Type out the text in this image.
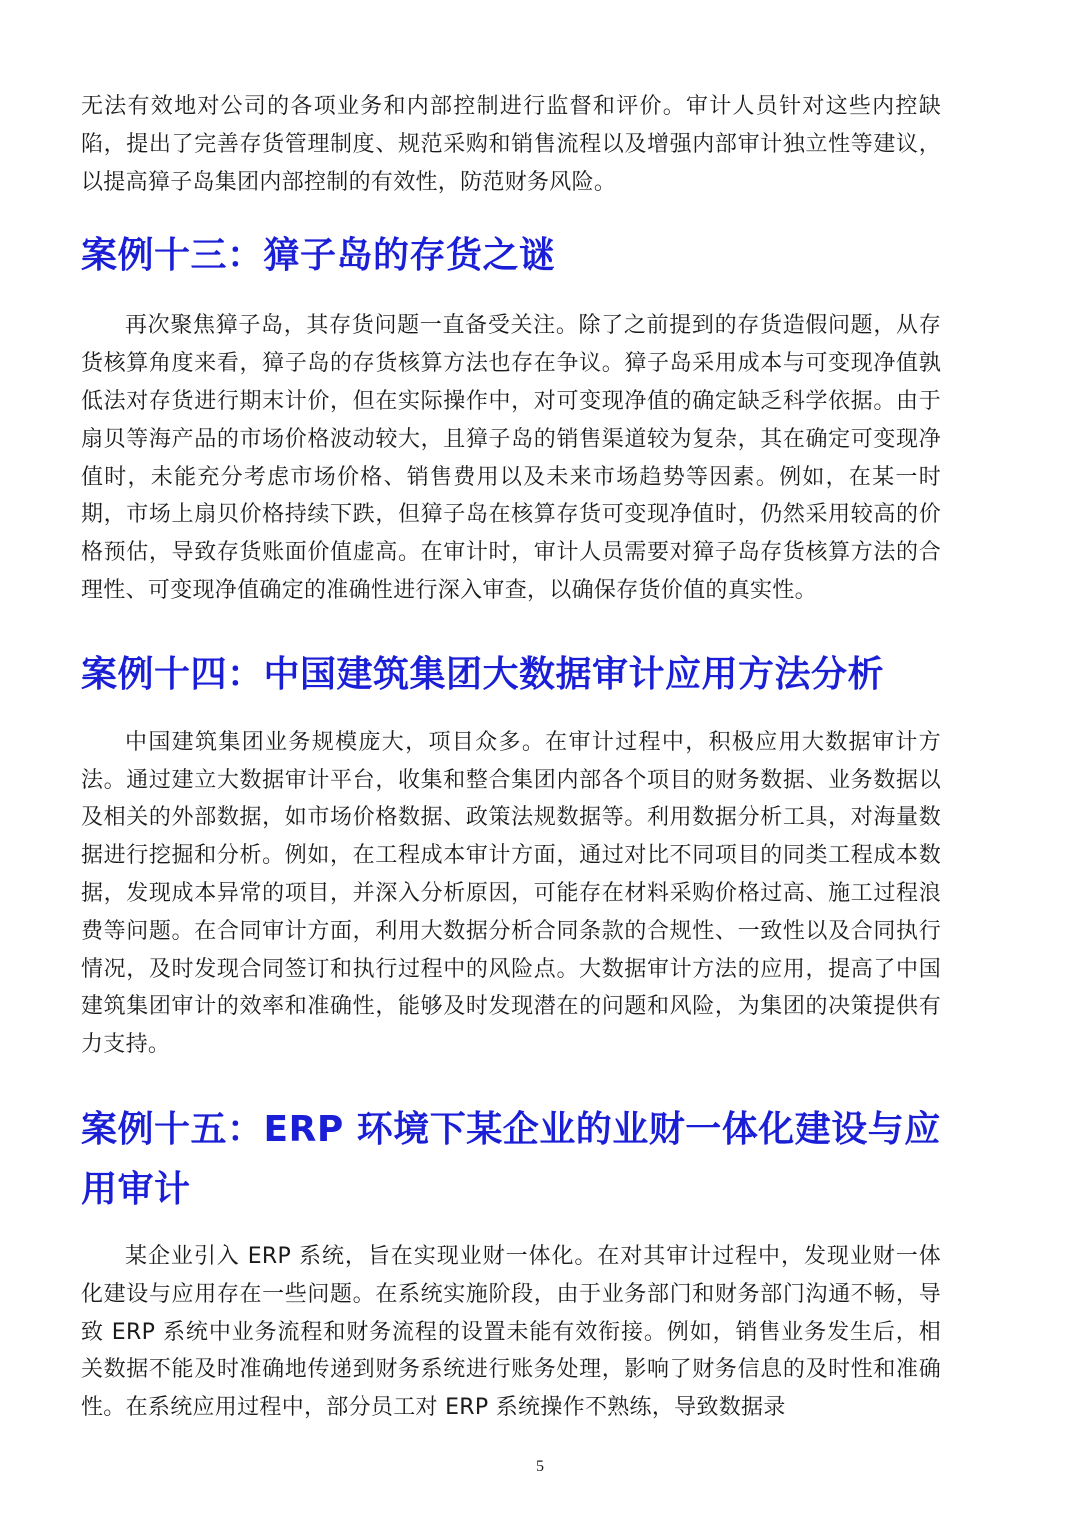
无法有效地对公司的各项业务和内部控制进行监督和评价。审计人员针对这些内控缺陷，提出了完善存货管理制度、规范采购和销售流程以及增强内部审计独立性等建议，以提高獐子岛集团内部控制的有效性，防范财务风险。

案例十三：獐子岛的存货之谜

再次聚焦獐子岛，其存货问题一直备受关注。除了之前提到的存货造假问题，从存货核算角度来看，獐子岛的存货核算方法也存在争议。獐子岛采用成本与可变现净值孰低法对存货进行期末计价，但在实际操作中，对可变现净值的确定缺乏科学依据。由于扇贝等海产品的市场价格波动较大，且獐子岛的销售渠道较为复杂，其在确定可变现净值时，未能充分考虑市场价格、销售费用以及未来市场趋势等因素。例如，在某一时期，市场上扇贝价格持续下跌，但獐子岛在核算存货可变现净值时，仍然采用较高的价格预估，导致存货账面价值虚高。在审计时，审计人员需要对獐子岛存货核算方法的合理性、可变现净值确定的准确性进行深入审查，以确保存货价值的真实性。

案例十四：中国建筑集团大数据审计应用方法分析

中国建筑集团业务规模庞大，项目众多。在审计过程中，积极应用大数据审计方法。通过建立大数据审计平台，收集和整合集团内部各个项目的财务数据、业务数据以及相关的外部数据，如市场价格数据、政策法规数据等。利用数据分析工具，对海量数据进行挖掘和分析。例如，在工程成本审计方面，通过对比不同项目的同类工程成本数据，发现成本异常的项目，并深入分析原因，可能存在材料采购价格过高、施工过程浪费等问题。在合同审计方面，利用大数据分析合同条款的合规性、一致性以及合同执行情况，及时发现合同签订和执行过程中的风险点。大数据审计方法的应用，提高了中国建筑集团审计的效率和准确性，能够及时发现潜在的问题和风险，为集团的决策提供有力支持。

案例十五：ERP 环境下某企业的业财一体化建设与应用审计

某企业引入 ERP 系统，旨在实现业财一体化。在对其审计过程中，发现业财一体化建设与应用存在一些问题。在系统实施阶段，由于业务部门和财务部门沟通不畅，导致 ERP 系统中业务流程和财务流程的设置未能有效衔接。例如，销售业务发生后，相关数据不能及时准确地传递到财务系统进行账务处理，影响了财务信息的及时性和准确性。在系统应用过程中，部分员工对 ERP 系统操作不熟练，导致数据录

5
